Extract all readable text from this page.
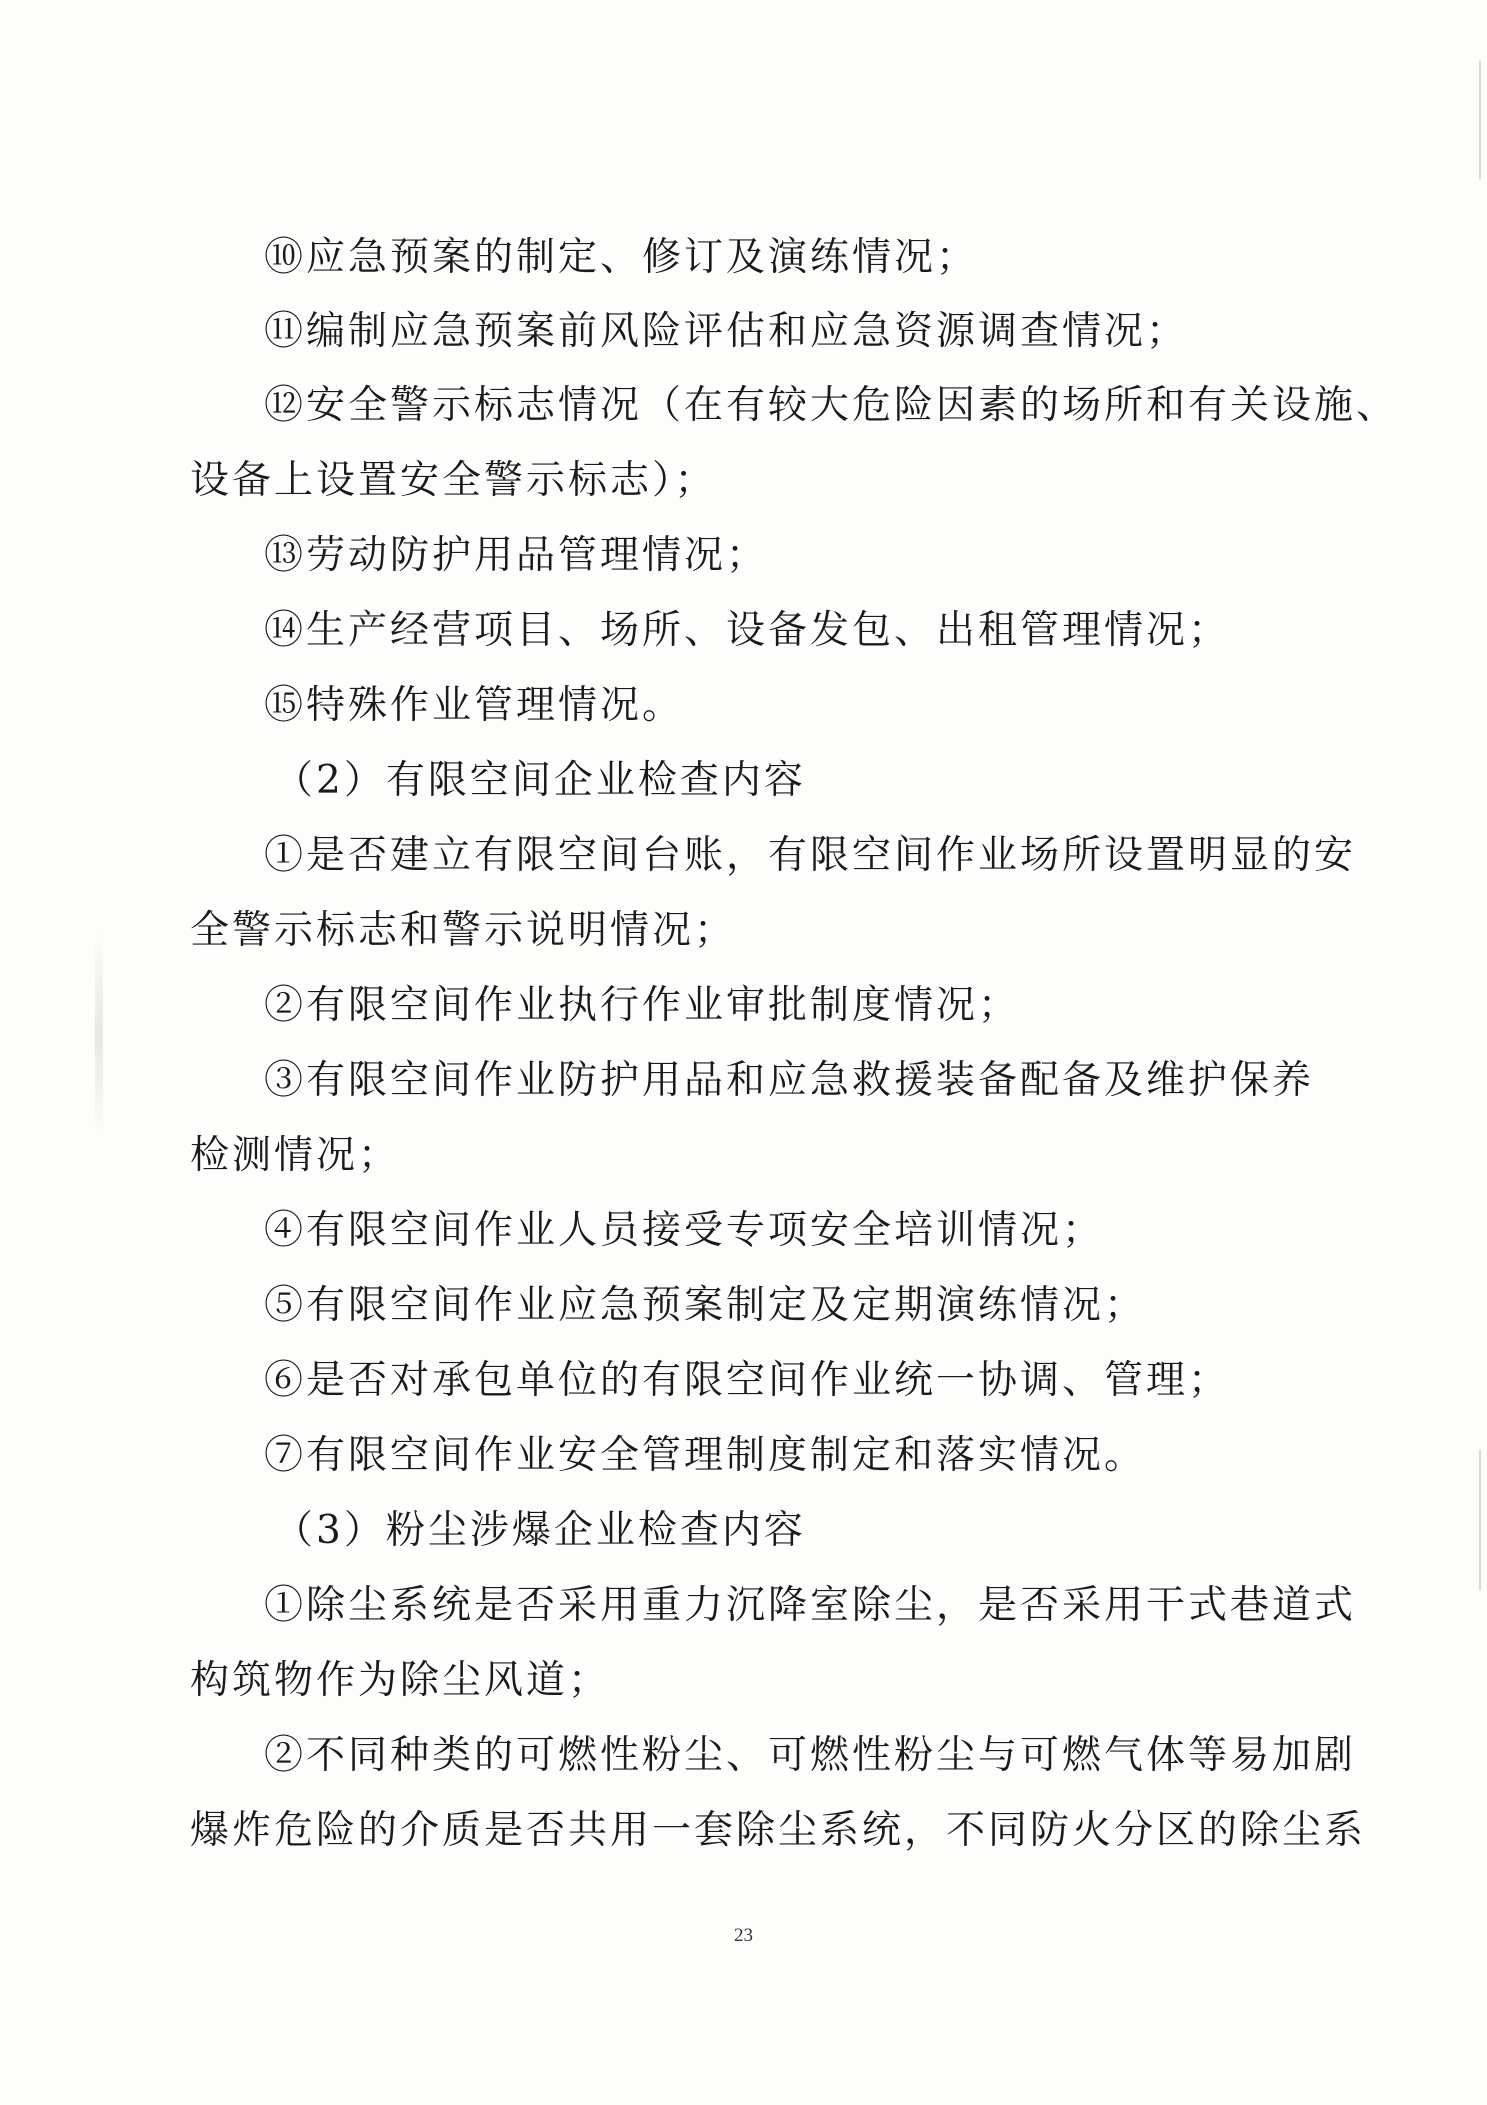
⑩应急预案的制定、修订及演练情况；
⑪编制应急预案前风险评估和应急资源调查情况；
⑫安全警示标志情况（在有较大危险因素的场所和有关设施、
设备上设置安全警示标志）；
⑬劳动防护用品管理情况；
⑭生产经营项目、场所、设备发包、出租管理情况；
⑮特殊作业管理情况。
（2）有限空间企业检查内容
①是否建立有限空间台账，有限空间作业场所设置明显的安
全警示标志和警示说明情况；
②有限空间作业执行作业审批制度情况；
③有限空间作业防护用品和应急救援装备配备及维护保养
检测情况；
④有限空间作业人员接受专项安全培训情况；
⑤有限空间作业应急预案制定及定期演练情况；
⑥是否对承包单位的有限空间作业统一协调、管理；
⑦有限空间作业安全管理制度制定和落实情况。
（3）粉尘涉爆企业检查内容
①除尘系统是否采用重力沉降室除尘，是否采用干式巷道式
构筑物作为除尘风道；
②不同种类的可燃性粉尘、可燃性粉尘与可燃气体等易加剧
爆炸危险的介质是否共用一套除尘系统，不同防火分区的除尘系
23
